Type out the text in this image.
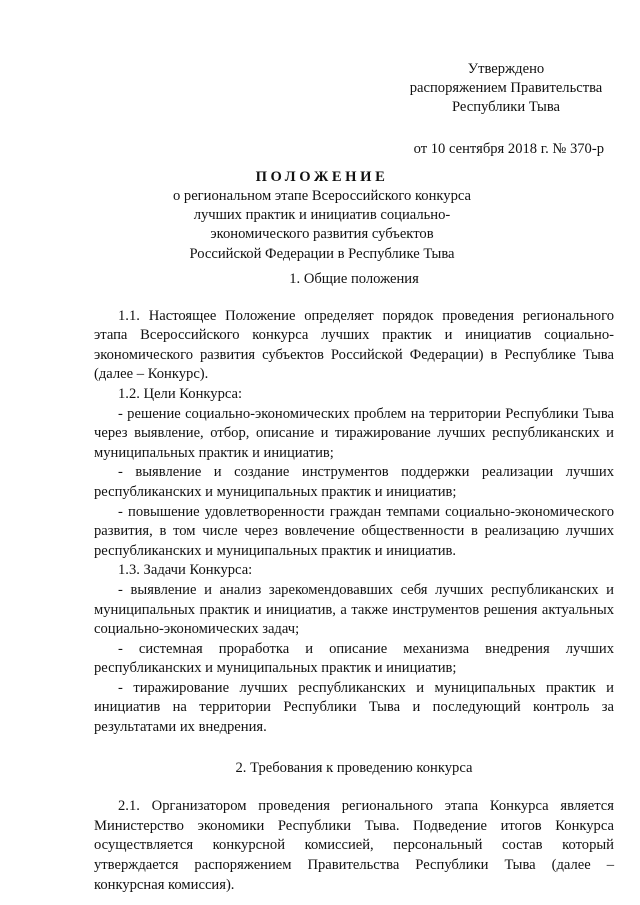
Утверждено
распоряжением Правительства
Республики Тыва
от 10 сентября 2018 г. № 370-р
ПОЛОЖЕНИЕ
о региональном этапе Всероссийского конкурса
лучших практик и инициатив социально-
экономического развития субъектов
Российской Федерации в Республике Тыва
1. Общие положения

1.1. Настоящее Положение определяет порядок проведения регионального этапа Всероссийского конкурса лучших практик и инициатив социально-экономического развития субъектов Российской Федерации) в Республике Тыва (далее – Конкурс).

1.2. Цели Конкурса:

- решение социально-экономических проблем на территории Республики Тыва через выявление, отбор, описание и тиражирование лучших республиканских и муниципальных практик и инициатив;

- выявление и создание инструментов поддержки реализации лучших республиканских и муниципальных практик и инициатив;

- повышение удовлетворенности граждан темпами социально-экономического развития, в том числе через вовлечение общественности в реализацию лучших республиканских и муниципальных практик и инициатив.

1.3. Задачи Конкурса:

- выявление и анализ зарекомендовавших себя лучших республиканских и муниципальных практик и инициатив, а также инструментов решения актуальных социально-экономических задач;

- системная проработка и описание механизма внедрения лучших республиканских и муниципальных практик и инициатив;

- тиражирование лучших республиканских и муниципальных практик и инициатив на территории Республики Тыва и последующий контроль за результатами их внедрения.

2. Требования к проведению конкурса

2.1. Организатором проведения регионального этапа Конкурса является Министерство экономики Республики Тыва. Подведение итогов Конкурса осуществляется конкурсной комиссией, персональный состав который утверждается распоряжением Правительства Республики Тыва (далее – конкурсная комиссия).
